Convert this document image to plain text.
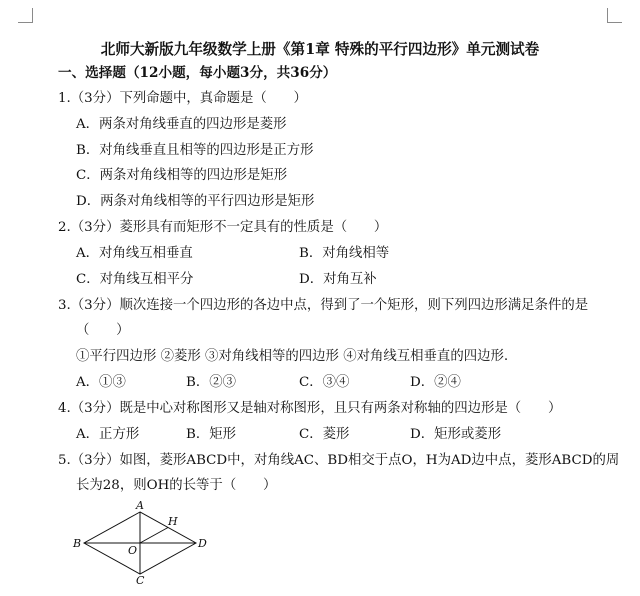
北师大新版九年级数学上册《第1章 特殊的平行四边形》单元测试卷
一、选择题（12小题，每小题3分，共36分）
1.（3分）下列命题中，真命题是（　　）
A．两条对角线垂直的四边形是菱形
B．对角线垂直且相等的四边形是正方形
C．两条对角线相等的四边形是矩形
D．两条对角线相等的平行四边形是矩形
2.（3分）菱形具有而矩形不一定具有的性质是（　　）
A．对角线互相垂直	B．对角线相等
C．对角线互相平分	D．对角互补
3.（3分）顺次连接一个四边形的各边中点，得到了一个矩形，则下列四边形满足条件的是
（　　）
①平行四边形 ②菱形 ③对角线相等的四边形 ④对角线互相垂直的四边形.
A．①③	B．②③	C．③④	D．②④
4.（3分）既是中心对称图形又是轴对称图形，且只有两条对称轴的四边形是（　　）
A．正方形	B．矩形	C．菱形	D．矩形或菱形
5.（3分）如图，菱形ABCD中，对角线AC、BD相交于点O，H为AD边中点，菱形ABCD的周
长为28，则OH的长等于（　　）
A
B
C
D
O
H
